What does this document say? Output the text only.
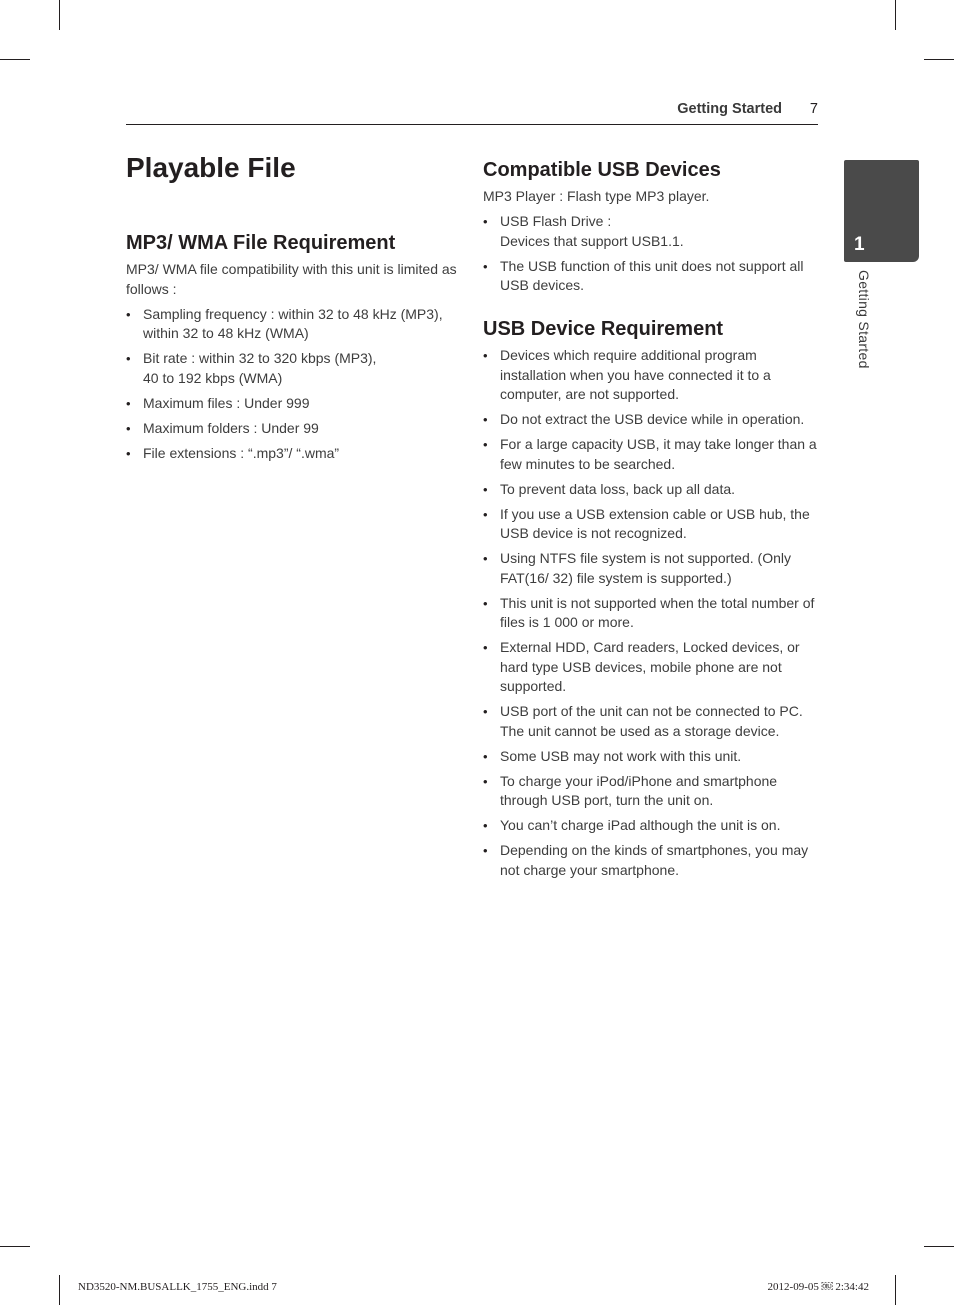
Getting Started 7
1
Getting Started
Playable File
MP3/ WMA File Requirement

MP3/ WMA file compatibility with this unit is limited as follows :

• Sampling frequency : within 32 to 48 kHz (MP3), within 32 to 48 kHz (WMA)
• Bit rate : within 32 to 320 kbps (MP3),
40 to 192 kbps (WMA)
• Maximum files : Under 999
• Maximum folders : Under 99
• File extensions : “.mp3”/ “.wma”
Compatible USB Devices

MP3 Player : Flash type MP3 player.

• USB Flash Drive :
Devices that support USB1.1.
• The USB function of this unit does not support all USB devices.
USB Device Requirement
• Devices which require additional program installation when you have connected it to a computer, are not supported.
• Do not extract the USB device while in operation.
• For a large capacity USB, it may take longer than a few minutes to be searched.
• To prevent data loss, back up all data.
• If you use a USB extension cable or USB hub, the USB device is not recognized.
• Using NTFS file system is not supported. (Only FAT(16/ 32) file system is supported.)
• This unit is not supported when the total number of files is 1 000 or more.
• External HDD, Card readers, Locked devices, or hard type USB devices, mobile phone are not supported.
• USB port of the unit can not be connected to PC. The unit cannot be used as a storage device.
• Some USB may not work with this unit.
• To charge your iPod/iPhone and smartphone through USB port, turn the unit on.
• You can’t charge iPad although the unit is on.
• Depending on the kinds of smartphones, you may not charge your smartphone.
ND3520-NM.BUSALLK_1755_ENG.indd 7	2012-09-05 ￼ 2:34:42
